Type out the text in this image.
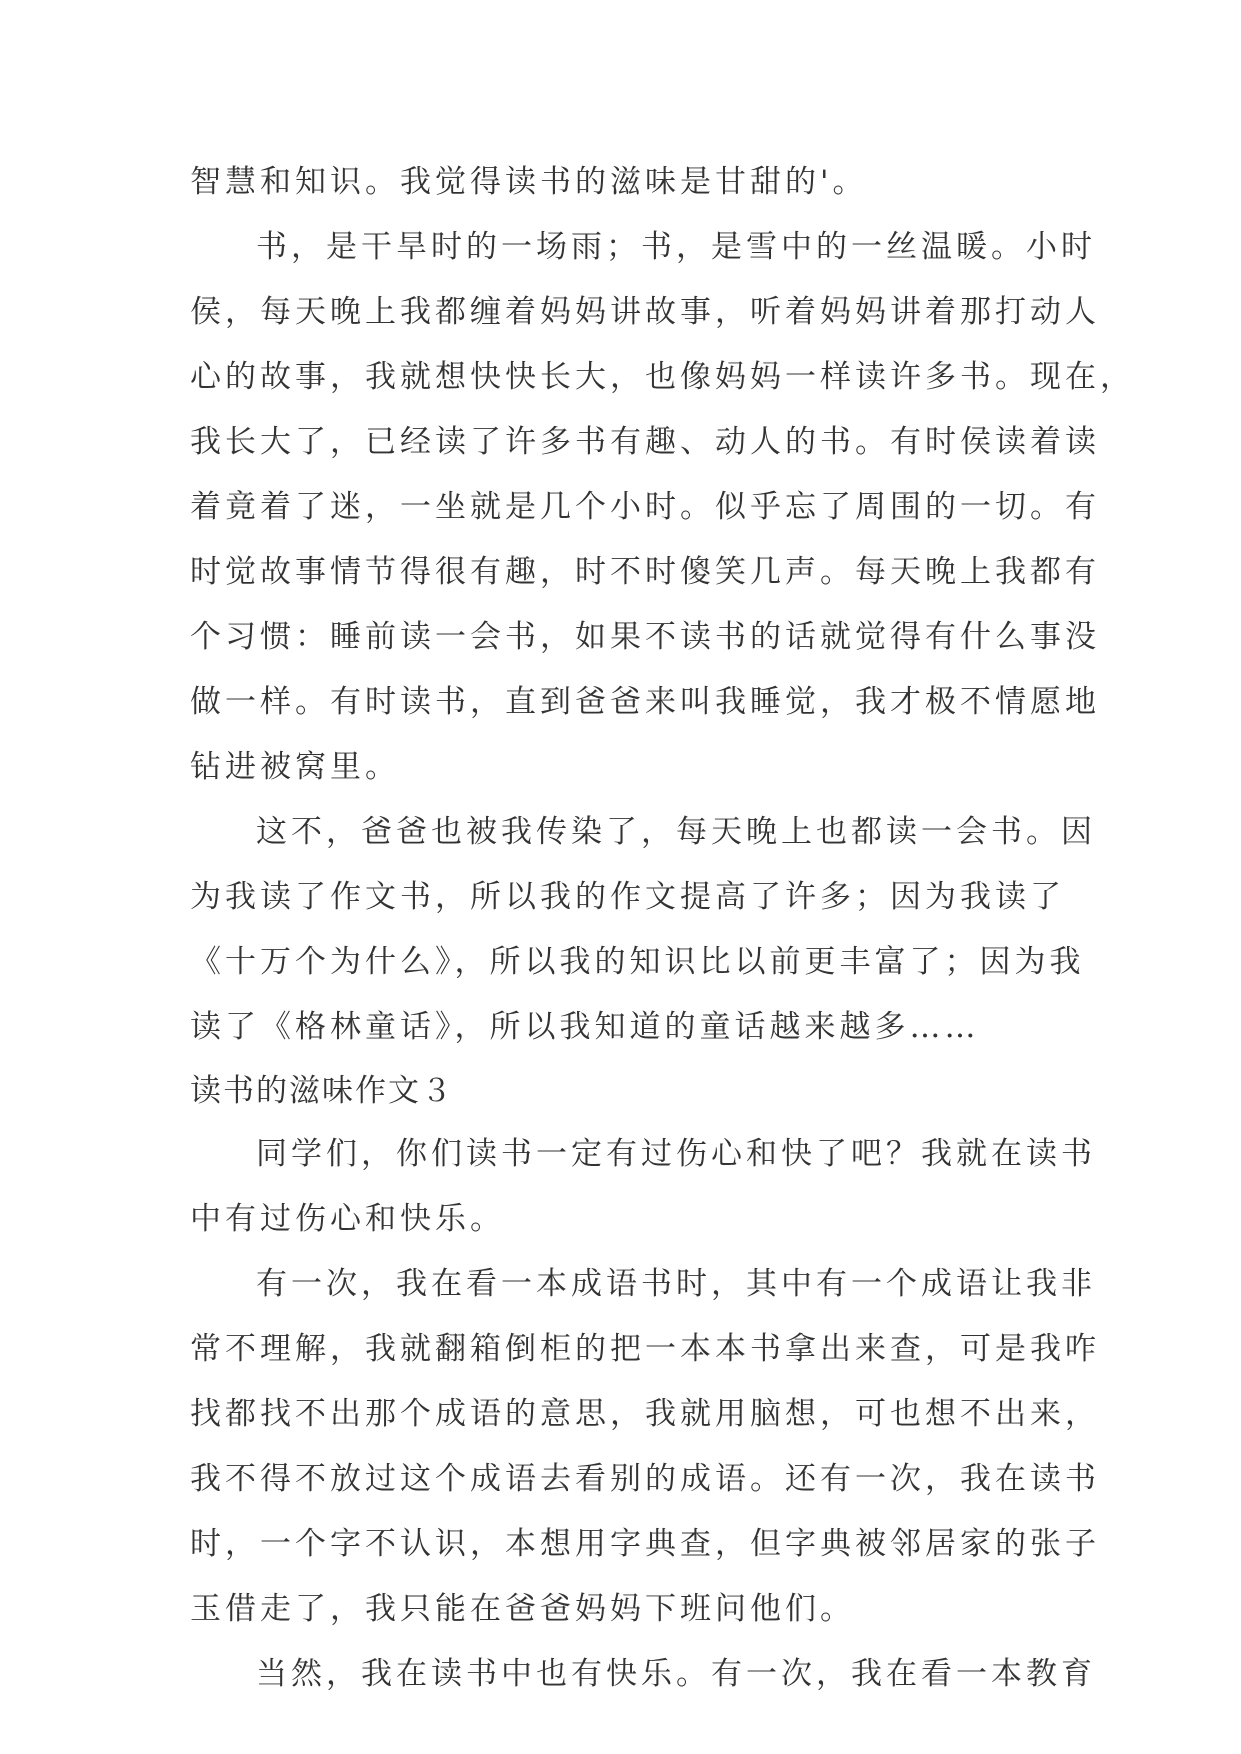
智慧和知识。我觉得读书的滋味是甘甜的'。
书，是干旱时的一场雨；书，是雪中的一丝温暖。小时
侯，每天晚上我都缠着妈妈讲故事，听着妈妈讲着那打动人
心的故事，我就想快快长大，也像妈妈一样读许多书。现在，
我长大了，已经读了许多书有趣、动人的书。有时侯读着读
着竟着了迷，一坐就是几个小时。似乎忘了周围的一切。有
时觉故事情节得很有趣，时不时傻笑几声。每天晚上我都有
个习惯：睡前读一会书，如果不读书的话就觉得有什么事没
做一样。有时读书，直到爸爸来叫我睡觉，我才极不情愿地
钻进被窝里。
这不，爸爸也被我传染了，每天晚上也都读一会书。因
为我读了作文书，所以我的作文提高了许多；因为我读了
《十万个为什么》，所以我的知识比以前更丰富了；因为我
读了《格林童话》，所以我知道的童话越来越多……
读书的滋味作文３
同学们，你们读书一定有过伤心和快了吧？我就在读书
中有过伤心和快乐。
有一次，我在看一本成语书时，其中有一个成语让我非
常不理解，我就翻箱倒柜的把一本本书拿出来查，可是我咋
找都找不出那个成语的意思，我就用脑想，可也想不出来，
我不得不放过这个成语去看别的成语。还有一次，我在读书
时，一个字不认识，本想用字典查，但字典被邻居家的张子
玉借走了，我只能在爸爸妈妈下班问他们。
当然，我在读书中也有快乐。有一次，我在看一本教育
